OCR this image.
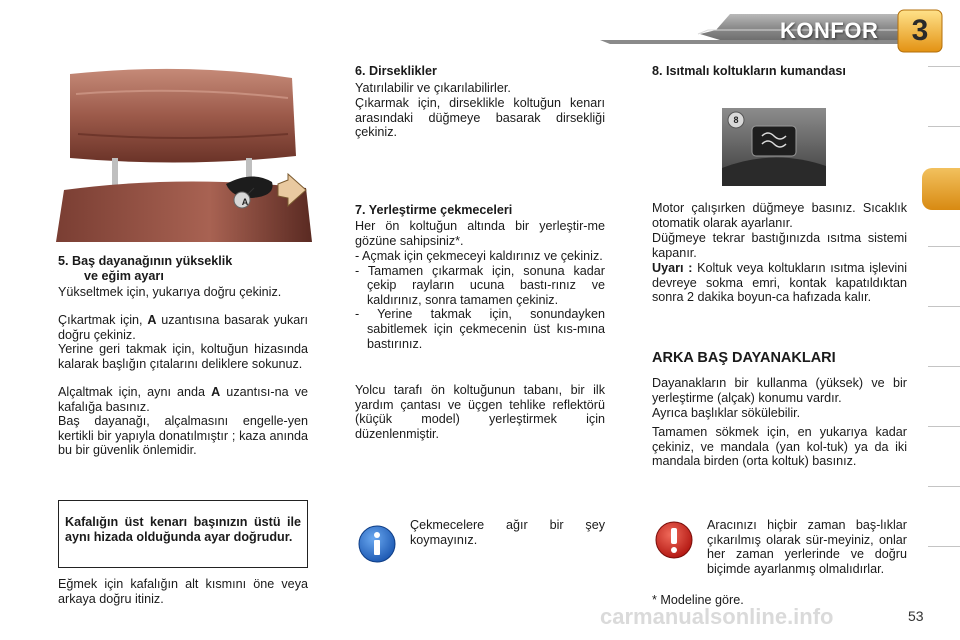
KONFOR	3
A
5. Baş dayanağının yükseklik
ve eğim ayarı

Yükseltmek için, yukarıya doğru çekiniz.

Çıkartmak için, A uzantısına basarak yukarı doğru çekiniz.

Yerine geri takmak için, koltuğun hizasında kalarak başlığın çıtalarını deliklere sokunuz.

Alçaltmak için, aynı anda A uzantısı-na ve kafalığa basınız.

Baş dayanağı, alçalmasını engelle-yen kertikli bir yapıyla donatılmıştır ; kaza anında bu bir güvenlik önlemidir.

Kafalığın üst kenarı başınızın üstü ile aynı hizada olduğunda ayar doğrudur.

Eğmek için kafalığın alt kısmını öne veya arkaya doğru itiniz.

6. Dirseklikler

Yatırılabilir ve çıkarılabilirler.

Çıkarmak için, dirseklikle koltuğun kenarı arasındaki düğmeye basarak dirsekliği çekiniz.

7. Yerleştirme çekmeceleri

Her ön koltuğun altında bir yerleştir-me gözüne sahipsiniz*.

- Açmak için çekmeceyi kaldırınız ve çekiniz.

- Tamamen çıkarmak için, sonuna kadar çekip rayların ucuna bastı-rınız ve kaldırınız, sonra tamamen çekiniz.

- Yerine takmak için, sonundayken sabitlemek için çekmecenin üst kıs-mına bastırınız.

Yolcu tarafı ön koltuğunun tabanı, bir ilk yardım çantası ve üçgen tehlike reflektörü (küçük model) yerleştirmek için düzenlenmiştir.

Çekmecelere ağır bir şey koymayınız.

8. Isıtmalı koltukların kumandası
8

Motor çalışırken düğmeye basınız. Sıcaklık otomatik olarak ayarlanır.

Düğmeye tekrar bastığınızda ısıtma sistemi kapanır.

Uyarı : Koltuk veya koltukların ısıtma işlevini devreye sokma emri, kontak kapatıldıktan sonra 2 dakika boyun-ca hafızada kalır.

ARKA BAŞ DAYANAKLARI

Dayanakların bir kullanma (yüksek) ve bir yerleştirme (alçak) konumu vardır.

Ayrıca başlıklar sökülebilir.

Tamamen sökmek için, en yukarıya kadar çekiniz, ve mandala (yan kol-tuk) ya da iki mandala birden (orta koltuk) basınız.

Aracınızı hiçbir zaman baş-lıklar çıkarılmış olarak sür-meyiniz, onlar her zaman yerlerinde ve doğru biçimde ayarlanmış olmalıdırlar.

* Modeline göre.

53
carmanualsonline.info
